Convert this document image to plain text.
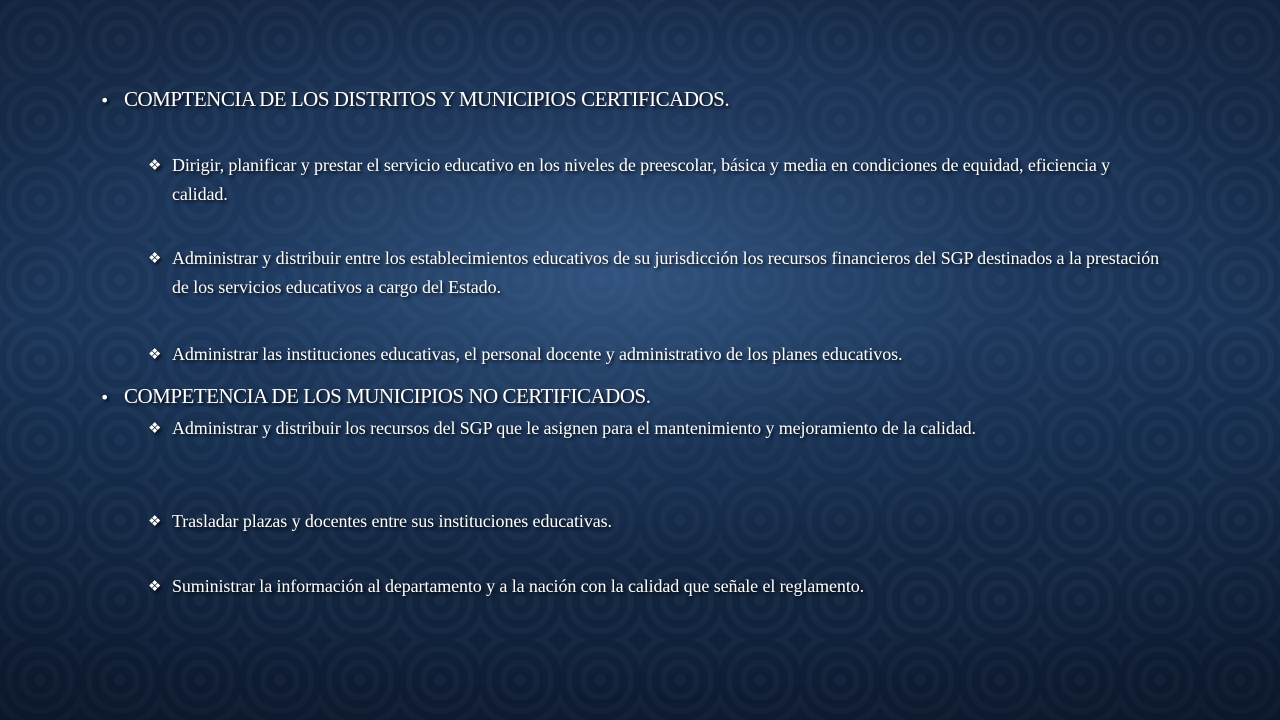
• COMPTENCIA DE LOS DISTRITOS Y MUNICIPIOS CERTIFICADOS.
❖ Dirigir, planificar y prestar el servicio educativo en los niveles de preescolar, básica y media en condiciones de equidad, eficiencia y calidad.
❖ Administrar y distribuir entre los establecimientos educativos de su jurisdicción los recursos financieros del SGP destinados a la prestación de los servicios educativos a cargo del Estado.
❖ Administrar las instituciones educativas, el personal docente y administrativo de los planes educativos.
• COMPETENCIA DE LOS MUNICIPIOS NO CERTIFICADOS.
❖ Administrar y distribuir los recursos del SGP que le asignen para el mantenimiento y mejoramiento de la calidad.
❖ Trasladar plazas y docentes entre sus instituciones educativas.
❖ Suministrar la información al departamento y a la nación con la calidad que señale el reglamento.
